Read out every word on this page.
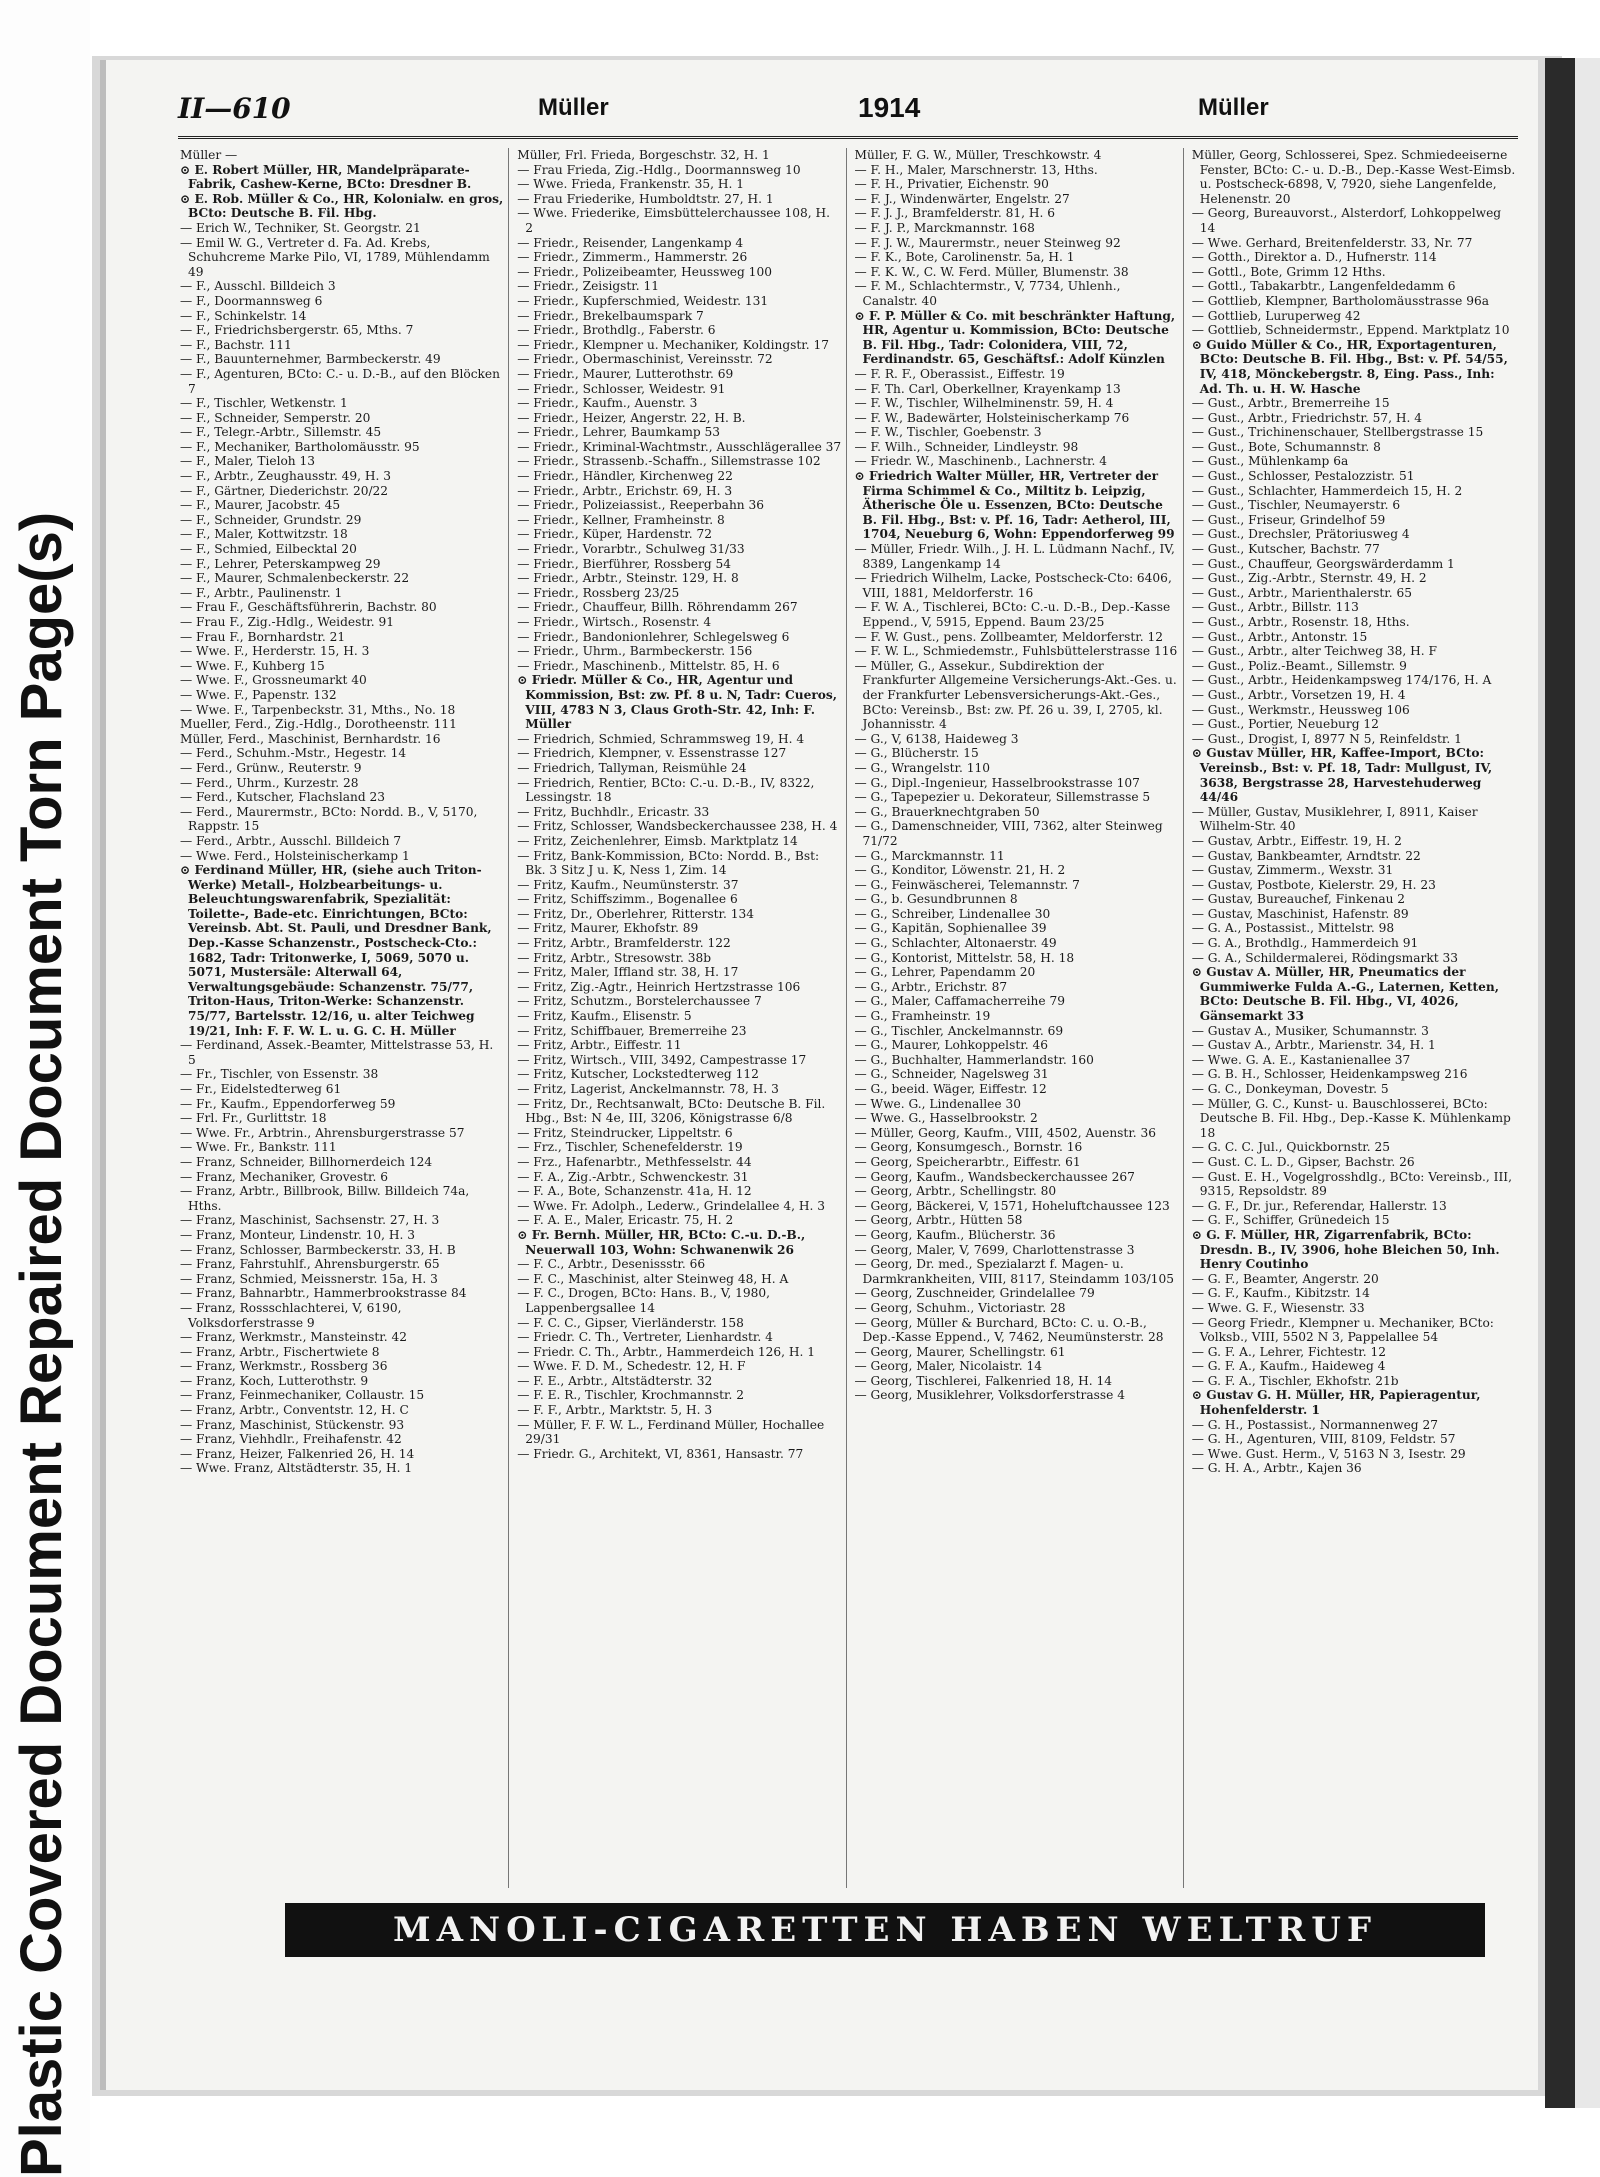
Plastic Covered Document Repaired Document Torn Page(s)
II—610	Müller	1914	Müller

Müller —

⊙ E. Robert Müller, HR, Mandelpräparate-Fabrik, Cashew-Kerne, BCto: Dresdner B.

⊙ E. Rob. Müller & Co., HR, Kolonialw. en gros, BCto: Deutsche B. Fil. Hbg.

— Erich W., Techniker, St. Georgstr. 21

— Emil W. G., Vertreter d. Fa. Ad. Krebs, Schuhcreme Marke Pilo, VI, 1789, Mühlendamm 49

— F., Ausschl. Billdeich 3

— F., Doormannsweg 6

— F., Schinkelstr. 14

— F., Friedrichsbergerstr. 65, Mths. 7

— F., Bachstr. 111

— F., Bauunternehmer, Barmbeckerstr. 49

— F., Agenturen, BCto: C.- u. D.-B., auf den Blöcken 7

— F., Tischler, Wetkenstr. 1

— F., Schneider, Semperstr. 20

— F., Telegr.-Arbtr., Sillemstr. 45

— F., Mechaniker, Bartholomäusstr. 95

— F., Maler, Tieloh 13

— F., Arbtr., Zeughausstr. 49, H. 3

— F., Gärtner, Diederichstr. 20/22

— F., Maurer, Jacobstr. 45

— F., Schneider, Grundstr. 29

— F., Maler, Kottwitzstr. 18

— F., Schmied, Eilbecktal 20

— F., Lehrer, Peterskampweg 29

— F., Maurer, Schmalenbeckerstr. 22

— F., Arbtr., Paulinenstr. 1

— Frau F., Geschäftsführerin, Bachstr. 80

— Frau F., Zig.-Hdlg., Weidestr. 91

— Frau F., Bornhardstr. 21

— Wwe. F., Herderstr. 15, H. 3

— Wwe. F., Kuhberg 15

— Wwe. F., Grossneumarkt 40

— Wwe. F., Papenstr. 132

— Wwe. F., Tarpenbeckstr. 31, Mths., No. 18

Mueller, Ferd., Zig.-Hdlg., Dorotheenstr. 111

Müller, Ferd., Maschinist, Bernhardstr. 16

— Ferd., Schuhm.-Mstr., Hegestr. 14

— Ferd., Grünw., Reuterstr. 9

— Ferd., Uhrm., Kurzestr. 28

— Ferd., Kutscher, Flachsland 23

— Ferd., Maurermstr., BCto: Nordd. B., V, 5170, Rappstr. 15

— Ferd., Arbtr., Ausschl. Billdeich 7

— Wwe. Ferd., Holsteinischerkamp 1

⊙ Ferdinand Müller, HR, (siehe auch Triton-Werke) Metall-, Holzbearbeitungs- u. Beleuchtungswarenfabrik, Spezialität: Toilette-, Bade-etc. Einrichtungen, BCto: Vereinsb. Abt. St. Pauli, und Dresdner Bank, Dep.-Kasse Schanzenstr., Postscheck-Cto.: 1682, Tadr: Tritonwerke, I, 5069, 5070 u. 5071, Mustersäle: Alterwall 64, Verwaltungsgebäude: Schanzenstr. 75/77, Triton-Haus, Triton-Werke: Schanzenstr. 75/77, Bartelsstr. 12/16, u. alter Teichweg 19/21, Inh: F. F. W. L. u. G. C. H. Müller

— Ferdinand, Assek.-Beamter, Mittelstrasse 53, H. 5

— Fr., Tischler, von Essenstr. 38

— Fr., Eidelstedterweg 61

— Fr., Kaufm., Eppendorferweg 59

— Frl. Fr., Gurlittstr. 18

— Wwe. Fr., Arbtrin., Ahrensburgerstrasse 57

— Wwe. Fr., Bankstr. 111

— Franz, Schneider, Billhornerdeich 124

— Franz, Mechaniker, Grovestr. 6

— Franz, Arbtr., Billbrook, Billw. Billdeich 74a, Hths.

— Franz, Maschinist, Sachsenstr. 27, H. 3

— Franz, Monteur, Lindenstr. 10, H. 3

— Franz, Schlosser, Barmbeckerstr. 33, H. B

— Franz, Fahrstuhlf., Ahrensburgerstr. 65

— Franz, Schmied, Meissnerstr. 15a, H. 3

— Franz, Bahnarbtr., Hammerbrookstrasse 84

— Franz, Rossschlachterei, V, 6190, Volksdorferstrasse 9

— Franz, Werkmstr., Mansteinstr. 42

— Franz, Arbtr., Fischertwiete 8

— Franz, Werkmstr., Rossberg 36

— Franz, Koch, Lutterothstr. 9

— Franz, Feinmechaniker, Collaustr. 15

— Franz, Arbtr., Conventstr. 12, H. C

— Franz, Maschinist, Stückenstr. 93

— Franz, Viehhdlr., Freihafenstr. 42

— Franz, Heizer, Falkenried 26, H. 14

— Wwe. Franz, Altstädterstr. 35, H. 1

Müller, Frl. Frieda, Borgeschstr. 32, H. 1

— Frau Frieda, Zig.-Hdlg., Doormannsweg 10

— Wwe. Frieda, Frankenstr. 35, H. 1

— Frau Friederike, Humboldtstr. 27, H. 1

— Wwe. Friederike, Eimsbüttelerchaussee 108, H. 2

— Friedr., Reisender, Langenkamp 4

— Friedr., Zimmerm., Hammerstr. 26

— Friedr., Polizeibeamter, Heussweg 100

— Friedr., Zeisigstr. 11

— Friedr., Kupferschmied, Weidestr. 131

— Friedr., Brekelbaumspark 7

— Friedr., Brothdlg., Faberstr. 6

— Friedr., Klempner u. Mechaniker, Koldingstr. 17

— Friedr., Obermaschinist, Vereinsstr. 72

— Friedr., Maurer, Lutterothstr. 69

— Friedr., Schlosser, Weidestr. 91

— Friedr., Kaufm., Auenstr. 3

— Friedr., Heizer, Angerstr. 22, H. B.

— Friedr., Lehrer, Baumkamp 53

— Friedr., Kriminal-Wachtmstr., Ausschlägerallee 37

— Friedr., Strassenb.-Schaffn., Sillemstrasse 102

— Friedr., Händler, Kirchenweg 22

— Friedr., Arbtr., Erichstr. 69, H. 3

— Friedr., Polizeiassist., Reeperbahn 36

— Friedr., Kellner, Framheinstr. 8

— Friedr., Küper, Hardenstr. 72

— Friedr., Vorarbtr., Schulweg 31/33

— Friedr., Bierführer, Rossberg 54

— Friedr., Arbtr., Steinstr. 129, H. 8

— Friedr., Rossberg 23/25

— Friedr., Chauffeur, Billh. Röhrendamm 267

— Friedr., Wirtsch., Rosenstr. 4

— Friedr., Bandonionlehrer, Schlegelsweg 6

— Friedr., Uhrm., Barmbeckerstr. 156

— Friedr., Maschinenb., Mittelstr. 85, H. 6

⊙ Friedr. Müller & Co., HR, Agentur und Kommission, Bst: zw. Pf. 8 u. N, Tadr: Cueros, VIII, 4783 N 3, Claus Groth-Str. 42, Inh: F. Müller

— Friedrich, Schmied, Schrammsweg 19, H. 4

— Friedrich, Klempner, v. Essenstrasse 127

— Friedrich, Tallyman, Reismühle 24

— Friedrich, Rentier, BCto: C.-u. D.-B., IV, 8322, Lessingstr. 18

— Fritz, Buchhdlr., Ericastr. 33

— Fritz, Schlosser, Wandsbeckerchaussee 238, H. 4

— Fritz, Zeichenlehrer, Eimsb. Marktplatz 14

— Fritz, Bank-Kommission, BCto: Nordd. B., Bst: Bk. 3 Sitz J u. K, Ness 1, Zim. 14

— Fritz, Kaufm., Neumünsterstr. 37

— Fritz, Schiffszimm., Bogenallee 6

— Fritz, Dr., Oberlehrer, Ritterstr. 134

— Fritz, Maurer, Ekhofstr. 89

— Fritz, Arbtr., Bramfelderstr. 122

— Fritz, Arbtr., Stresowstr. 38b

— Fritz, Maler, Iffland str. 38, H. 17

— Fritz, Zig.-Agtr., Heinrich Hertzstrasse 106

— Fritz, Schutzm., Borstelerchaussee 7

— Fritz, Kaufm., Elisenstr. 5

— Fritz, Schiffbauer, Bremerreihe 23

— Fritz, Arbtr., Eiffestr. 11

— Fritz, Wirtsch., VIII, 3492, Campestrasse 17

— Fritz, Kutscher, Lockstedterweg 112

— Fritz, Lagerist, Anckelmannstr. 78, H. 3

— Fritz, Dr., Rechtsanwalt, BCto: Deutsche B. Fil. Hbg., Bst: N 4e, III, 3206, Königstrasse 6/8

— Fritz, Steindrucker, Lippeltstr. 6

— Frz., Tischler, Schenefelderstr. 19

— Frz., Hafenarbtr., Methfesselstr. 44

— F. A., Zig.-Arbtr., Schwenckestr. 31

— F. A., Bote, Schanzenstr. 41a, H. 12

— Wwe. Fr. Adolph., Lederw., Grindelallee 4, H. 3

— F. A. E., Maler, Ericastr. 75, H. 2

⊙ Fr. Bernh. Müller, HR, BCto: C.-u. D.-B., Neuerwall 103, Wohn: Schwanenwik 26

— F. C., Arbtr., Desenissstr. 66

— F. C., Maschinist, alter Steinweg 48, H. A

— F. C., Drogen, BCto: Hans. B., V, 1980, Lappenbergsallee 14

— F. C. C., Gipser, Vierländerstr. 158

— Friedr. C. Th., Vertreter, Lienhardstr. 4

— Friedr. C. Th., Arbtr., Hammerdeich 126, H. 1

— Wwe. F. D. M., Schedestr. 12, H. F

— F. E., Arbtr., Altstädterstr. 32

— F. E. R., Tischler, Krochmannstr. 2

— F. F., Arbtr., Marktstr. 5, H. 3

— Müller, F. F. W. L., Ferdinand Müller, Hochallee 29/31

— Friedr. G., Architekt, VI, 8361, Hansastr. 77

Müller, F. G. W., Müller, Treschkowstr. 4

— F. H., Maler, Marschnerstr. 13, Hths.

— F. H., Privatier, Eichenstr. 90

— F. J., Windenwärter, Engelstr. 27

— F. J. J., Bramfelderstr. 81, H. 6

— F. J. P., Marckmannstr. 168

— F. J. W., Maurermstr., neuer Steinweg 92

— F. K., Bote, Carolinenstr. 5a, H. 1

— F. K. W., C. W. Ferd. Müller, Blumenstr. 38

— F. M., Schlachtermstr., V, 7734, Uhlenh., Canalstr. 40

⊙ F. P. Müller & Co. mit beschränkter Haftung, HR, Agentur u. Kommission, BCto: Deutsche B. Fil. Hbg., Tadr: Colonidera, VIII, 72, Ferdinandstr. 65, Geschäftsf.: Adolf Künzlen

— F. R. F., Oberassist., Eiffestr. 19

— F. Th. Carl, Oberkellner, Krayenkamp 13

— F. W., Tischler, Wilhelminenstr. 59, H. 4

— F. W., Badewärter, Holsteinischerkamp 76

— F. W., Tischler, Goebenstr. 3

— F. Wilh., Schneider, Lindleystr. 98

— Friedr. W., Maschinenb., Lachnerstr. 4

⊙ Friedrich Walter Müller, HR, Vertreter der Firma Schimmel & Co., Miltitz b. Leipzig, Ätherische Öle u. Essenzen, BCto: Deutsche B. Fil. Hbg., Bst: v. Pf. 16, Tadr: Aetherol, III, 1704, Neueburg 6, Wohn: Eppendorferweg 99

— Müller, Friedr. Wilh., J. H. L. Lüdmann Nachf., IV, 8389, Langenkamp 14

— Friedrich Wilhelm, Lacke, Postscheck-Cto: 6406, VIII, 1881, Meldorferstr. 16

— F. W. A., Tischlerei, BCto: C.-u. D.-B., Dep.-Kasse Eppend., V, 5915, Eppend. Baum 23/25

— F. W. Gust., pens. Zollbeamter, Meldorferstr. 12

— F. W. L., Schmiedemstr., Fuhlsbüttelerstrasse 116

— Müller, G., Assekur., Subdirektion der Frankfurter Allgemeine Versicherungs-Akt.-Ges. u. der Frankfurter Lebensversicherungs-Akt.-Ges., BCto: Vereinsb., Bst: zw. Pf. 26 u. 39, I, 2705, kl. Johannisstr. 4

— G., V, 6138, Haideweg 3

— G., Blücherstr. 15

— G., Wrangelstr. 110

— G., Dipl.-Ingenieur, Hasselbrookstrasse 107

— G., Tapepezier u. Dekorateur, Sillemstrasse 5

— G., Brauerknechtgraben 50

— G., Damenschneider, VIII, 7362, alter Steinweg 71/72

— G., Marckmannstr. 11

— G., Konditor, Löwenstr. 21, H. 2

— G., Feinwäscherei, Telemannstr. 7

— G., b. Gesundbrunnen 8

— G., Schreiber, Lindenallee 30

— G., Kapitän, Sophienallee 39

— G., Schlachter, Altonaerstr. 49

— G., Kontorist, Mittelstr. 58, H. 18

— G., Lehrer, Papendamm 20

— G., Arbtr., Erichstr. 87

— G., Maler, Caffamacherreihe 79

— G., Framheinstr. 19

— G., Tischler, Anckelmannstr. 69

— G., Maurer, Lohkoppelstr. 46

— G., Buchhalter, Hammerlandstr. 160

— G., Schneider, Nagelsweg 31

— G., beeid. Wäger, Eiffestr. 12

— Wwe. G., Lindenallee 30

— Wwe. G., Hasselbrookstr. 2

— Müller, Georg, Kaufm., VIII, 4502, Auenstr. 36

— Georg, Konsumgesch., Bornstr. 16

— Georg, Speicherarbtr., Eiffestr. 61

— Georg, Kaufm., Wandsbeckerchaussee 267

— Georg, Arbtr., Schellingstr. 80

— Georg, Bäckerei, V, 1571, Hoheluftchaussee 123

— Georg, Arbtr., Hütten 58

— Georg, Kaufm., Blücherstr. 36

— Georg, Maler, V, 7699, Charlottenstrasse 3

— Georg, Dr. med., Spezialarzt f. Magen- u. Darmkrankheiten, VIII, 8117, Steindamm 103/105

— Georg, Zuschneider, Grindelallee 79

— Georg, Schuhm., Victoriastr. 28

— Georg, Müller & Burchard, BCto: C. u. O.-B., Dep.-Kasse Eppend., V, 7462, Neumünsterstr. 28

— Georg, Maurer, Schellingstr. 61

— Georg, Maler, Nicolaistr. 14

— Georg, Tischlerei, Falkenried 18, H. 14

— Georg, Musiklehrer, Volksdorferstrasse 4

Müller, Georg, Schlosserei, Spez. Schmiedeeiserne Fenster, BCto: C.- u. D.-B., Dep.-Kasse West-Eimsb. u. Postscheck-6898, V, 7920, siehe Langenfelde, Helenenstr. 20

— Georg, Bureauvorst., Alsterdorf, Lohkoppelweg 14

— Wwe. Gerhard, Breitenfelderstr. 33, Nr. 77

— Gotth., Direktor a. D., Hufnerstr. 114

— Gottl., Bote, Grimm 12 Hths.

— Gottl., Tabakarbtr., Langenfeldedamm 6

— Gottlieb, Klempner, Bartholomäusstrasse 96a

— Gottlieb, Luruperweg 42

— Gottlieb, Schneidermstr., Eppend. Marktplatz 10

⊙ Guido Müller & Co., HR, Exportagenturen, BCto: Deutsche B. Fil. Hbg., Bst: v. Pf. 54/55, IV, 418, Mönckebergstr. 8, Eing. Pass., Inh: Ad. Th. u. H. W. Hasche

— Gust., Arbtr., Bremerreihe 15

— Gust., Arbtr., Friedrichstr. 57, H. 4

— Gust., Trichinenschauer, Stellbergstrasse 15

— Gust., Bote, Schumannstr. 8

— Gust., Mühlenkamp 6a

— Gust., Schlosser, Pestalozzistr. 51

— Gust., Schlachter, Hammerdeich 15, H. 2

— Gust., Tischler, Neumayerstr. 6

— Gust., Friseur, Grindelhof 59

— Gust., Drechsler, Prätoriusweg 4

— Gust., Kutscher, Bachstr. 77

— Gust., Chauffeur, Georgswärderdamm 1

— Gust., Zig.-Arbtr., Sternstr. 49, H. 2

— Gust., Arbtr., Marienthalerstr. 65

— Gust., Arbtr., Billstr. 113

— Gust., Arbtr., Rosenstr. 18, Hths.

— Gust., Arbtr., Antonstr. 15

— Gust., Arbtr., alter Teichweg 38, H. F

— Gust., Poliz.-Beamt., Sillemstr. 9

— Gust., Arbtr., Heidenkampsweg 174/176, H. A

— Gust., Arbtr., Vorsetzen 19, H. 4

— Gust., Werkmstr., Heussweg 106

— Gust., Portier, Neueburg 12

— Gust., Drogist, I, 8977 N 5, Reinfeldstr. 1

⊙ Gustav Müller, HR, Kaffee-Import, BCto: Vereinsb., Bst: v. Pf. 18, Tadr: Mullgust, IV, 3638, Bergstrasse 28, Harvestehuderweg 44/46

— Müller, Gustav, Musiklehrer, I, 8911, Kaiser Wilhelm-Str. 40

— Gustav, Arbtr., Eiffestr. 19, H. 2

— Gustav, Bankbeamter, Arndtstr. 22

— Gustav, Zimmerm., Wexstr. 31

— Gustav, Postbote, Kielerstr. 29, H. 23

— Gustav, Bureauchef, Finkenau 2

— Gustav, Maschinist, Hafenstr. 89

— G. A., Postassist., Mittelstr. 98

— G. A., Brothdlg., Hammerdeich 91

— G. A., Schildermalerei, Rödingsmarkt 33

⊙ Gustav A. Müller, HR, Pneumatics der Gummiwerke Fulda A.-G., Laternen, Ketten, BCto: Deutsche B. Fil. Hbg., VI, 4026, Gänsemarkt 33

— Gustav A., Musiker, Schumannstr. 3

— Gustav A., Arbtr., Marienstr. 34, H. 1

— Wwe. G. A. E., Kastanienallee 37

— G. B. H., Schlosser, Heidenkampsweg 216

— G. C., Donkeyman, Dovestr. 5

— Müller, G. C., Kunst- u. Bauschlosserei, BCto: Deutsche B. Fil. Hbg., Dep.-Kasse K. Mühlenkamp 18

— G. C. C. Jul., Quickbornstr. 25

— Gust. C. L. D., Gipser, Bachstr. 26

— Gust. E. H., Vogelgrosshdlg., BCto: Vereinsb., III, 9315, Repsoldstr. 89

— G. F., Dr. jur., Referendar, Hallerstr. 13

— G. F., Schiffer, Grünedeich 15

⊙ G. F. Müller, HR, Zigarrenfabrik, BCto: Dresdn. B., IV, 3906, hohe Bleichen 50, Inh. Henry Coutinho

— G. F., Beamter, Angerstr. 20

— G. F., Kaufm., Kibitzstr. 14

— Wwe. G. F., Wiesenstr. 33

— Georg Friedr., Klempner u. Mechaniker, BCto: Volksb., VIII, 5502 N 3, Pappelallee 54

— G. F. A., Lehrer, Fichtestr. 12

— G. F. A., Kaufm., Haideweg 4

— G. F. A., Tischler, Ekhofstr. 21b

⊙ Gustav G. H. Müller, HR, Papieragentur, Hohenfelderstr. 1

— G. H., Postassist., Normannenweg 27

— G. H., Agenturen, VIII, 8109, Feldstr. 57

— Wwe. Gust. Herm., V, 5163 N 3, Isestr. 29

— G. H. A., Arbtr., Kajen 36

MANOLI-CIGARETTEN HABEN WELTRUF
